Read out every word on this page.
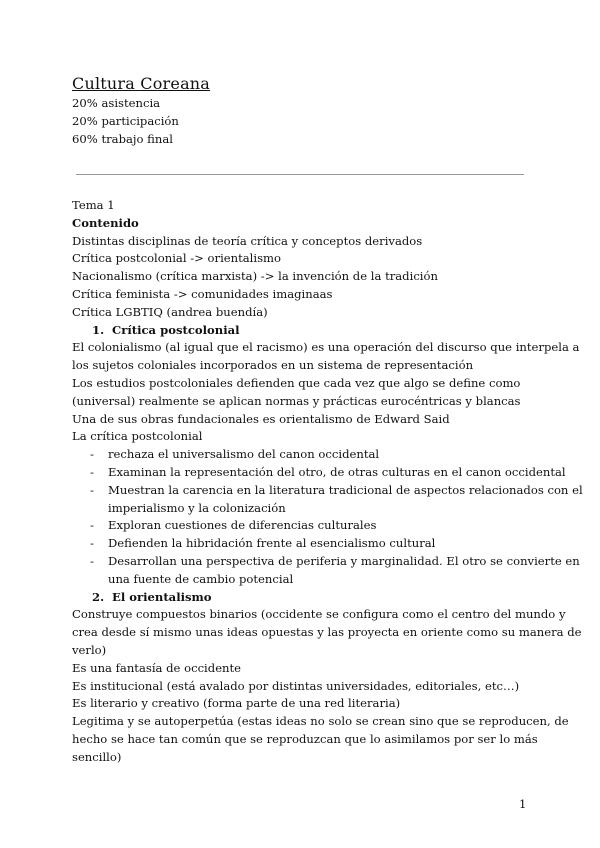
Cultura Coreana
20% asistencia
20% participación
60% trabajo final
Tema 1
Contenido
Distintas disciplinas de teoría crítica y conceptos derivados
Crítica postcolonial -> orientalismo
Nacionalismo (crítica marxista) -> la invención de la tradición
Crítica feminista -> comunidades imaginaas
Crítica LGBTIQ (andrea buendía)
1. Crítica postcolonial
El colonialismo (al igual que el racismo) es una operación del discurso que interpela a
los sujetos coloniales incorporados en un sistema de representación
Los estudios postcoloniales defienden que cada vez que algo se define como
(universal) realmente se aplican normas y prácticas eurocéntricas y blancas
Una de sus obras fundacionales es orientalismo de Edward Said
La crítica postcolonial
- rechaza el universalismo del canon occidental
- Examinan la representación del otro, de otras culturas en el canon occidental
- Muestran la carencia en la literatura tradicional de aspectos relacionados con el
imperialismo y la colonización
- Exploran cuestiones de diferencias culturales
- Defienden la hibridación frente al esencialismo cultural
- Desarrollan una perspectiva de periferia y marginalidad. El otro se convierte en
una fuente de cambio potencial
2. El orientalismo
Construye compuestos binarios (occidente se configura como el centro del mundo y
crea desde sí mismo unas ideas opuestas y las proyecta en oriente como su manera de
verlo)
Es una fantasía de occidente
Es institucional (está avalado por distintas universidades, editoriales, etc…)
Es literario y creativo (forma parte de una red literaria)
Legitima y se autoperpetúa (estas ideas no solo se crean sino que se reproducen, de
hecho se hace tan común que se reproduzcan que lo asimilamos por ser lo más
sencillo)
1
